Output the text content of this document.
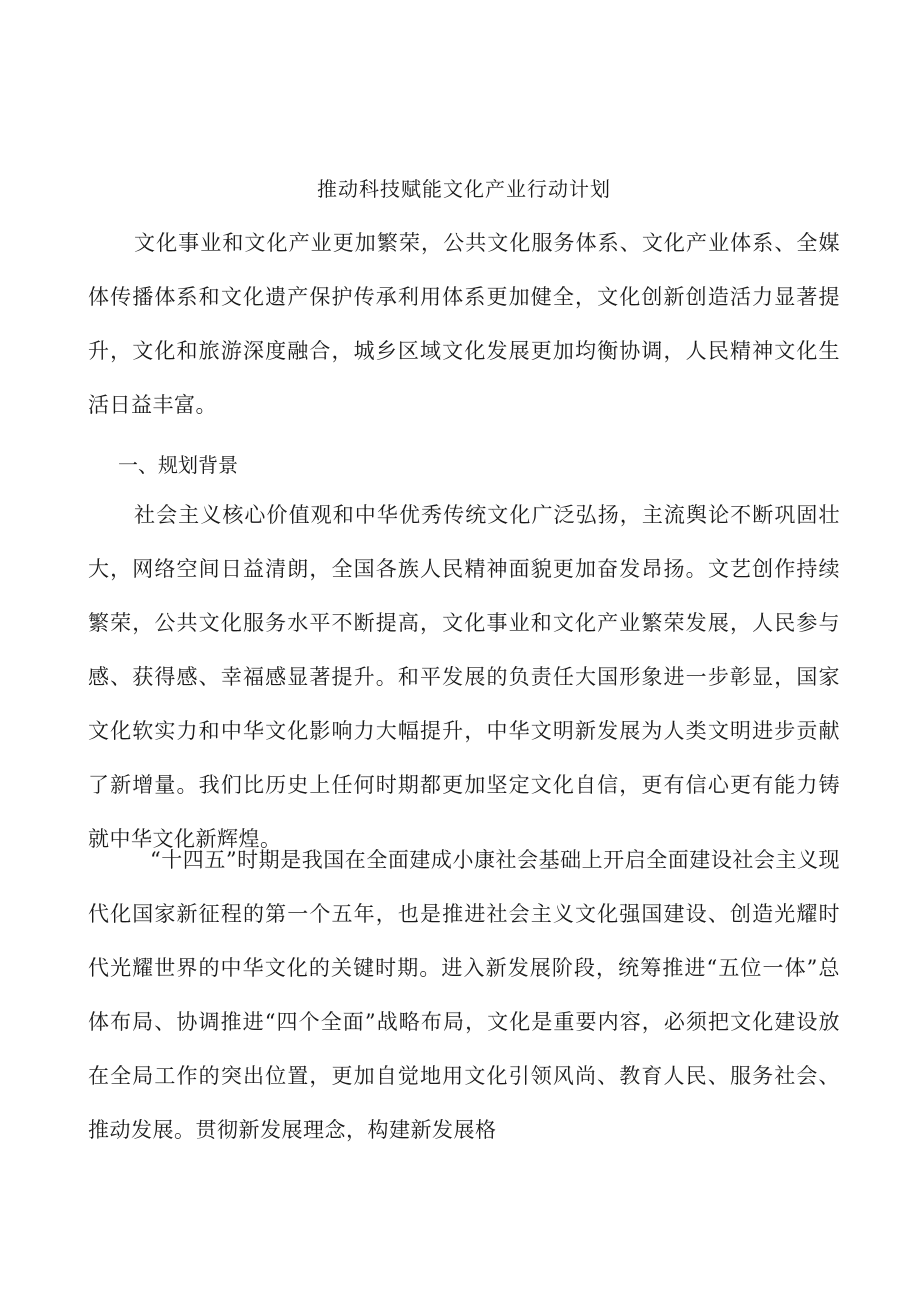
推动科技赋能文化产业行动计划

文化事业和文化产业更加繁荣，公共文化服务体系、文化产业体系、全媒体传播体系和文化遗产保护传承利用体系更加健全，文化创新创造活力显著提升，文化和旅游深度融合，城乡区域文化发展更加均衡协调，人民精神文化生活日益丰富。

一、规划背景

社会主义核心价值观和中华优秀传统文化广泛弘扬，主流舆论不断巩固壮大，网络空间日益清朗，全国各族人民精神面貌更加奋发昂扬。文艺创作持续繁荣，公共文化服务水平不断提高，文化事业和文化产业繁荣发展，人民参与感、获得感、幸福感显著提升。和平发展的负责任大国形象进一步彰显，国家文化软实力和中华文化影响力大幅提升，中华文明新发展为人类文明进步贡献了新增量。我们比历史上任何时期都更加坚定文化自信，更有信心更有能力铸就中华文化新辉煌。

“十四五”时期是我国在全面建成小康社会基础上开启全面建设社会主义现代化国家新征程的第一个五年，也是推进社会主义文化强国建设、创造光耀时代光耀世界的中华文化的关键时期。进入新发展阶段，统筹推进“五位一体”总体布局、协调推进“四个全面”战略布局，文化是重要内容，必须把文化建设放在全局工作的突出位置，更加自觉地用文化引领风尚、教育人民、服务社会、推动发展。贯彻新发展理念，构建新发展格
